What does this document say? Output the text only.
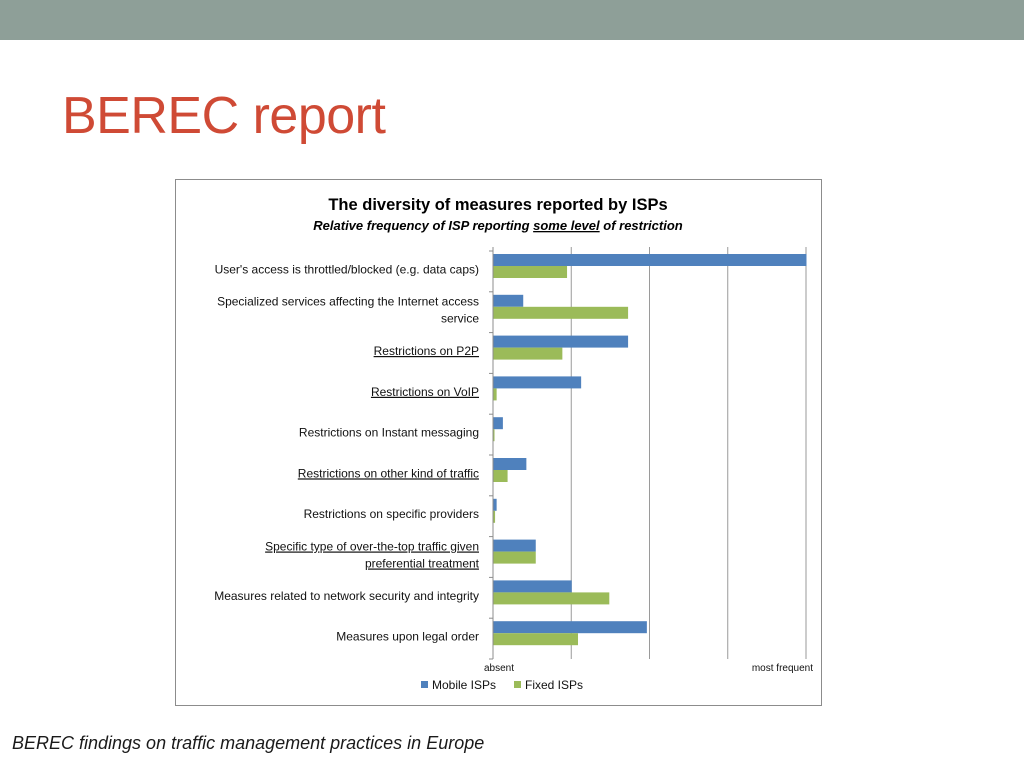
BEREC report
The diversity of measures reported by ISPs
Relative frequency of ISP reporting some level of restriction
User's access is throttled/blocked (e.g. data caps)
Specialized services affecting the Internet access
service
Restrictions on P2P
Restrictions on VoIP
Restrictions on Instant messaging
Restrictions on other kind of traffic
Restrictions on specific providers
Specific type of over-the-top traffic given
preferential treatment
Measures related to network security and integrity
Measures upon legal order
absent	most frequent
Mobile ISPs Fixed ISPs

BEREC findings on traffic management practices in Europe
